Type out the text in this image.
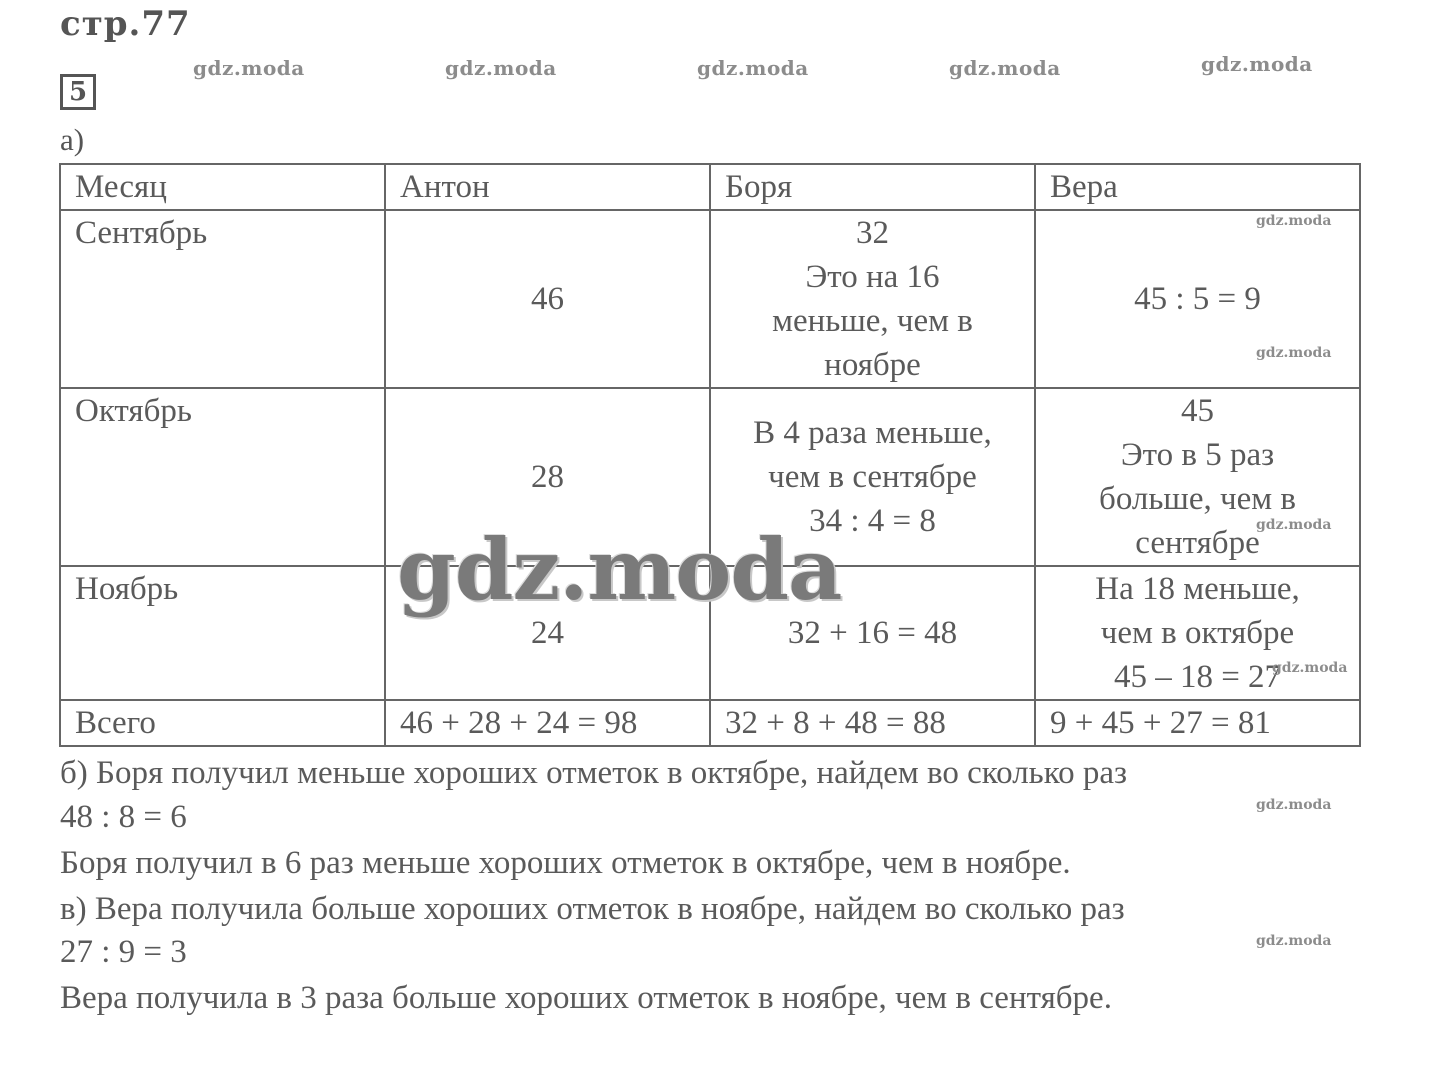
стр.77
5
gdz.moda	gdz.moda	gdz.moda	gdz.moda	gdz.moda
а)
Месяц	Антон	Боря	Вера
Сентябрь	46	32
Это на 16
меньше, чем в
ноябре	45 : 5 = 9
Октябрь	28	В 4 раза меньше,
чем в сентябре
34 : 4 = 8	45
Это в 5 раз
больше, чем в
сентябре

Ноябрь	24	32 + 16 = 48	На 18 меньше,
чем в октябре
45 – 18 = 27

Всего	46 + 28 + 24 = 98	32 + 8 + 48 = 88	9 + 45 + 27 = 81
gdz.moda
gdz.moda
gdz.moda
gdz.moda
gdz.moda
б) Боря получил меньше хороших отметок в октябре, найдем во сколько раз
gdz.moda
48 : 8 = 6
Боря получил в 6 раз меньше хороших отметок в октябре, чем в ноябре.
в) Вера получила больше хороших отметок в ноябре, найдем во сколько раз
gdz.moda
27 : 9 = 3
Вера получила в 3 раза больше хороших отметок в ноябре, чем в сентябре.
